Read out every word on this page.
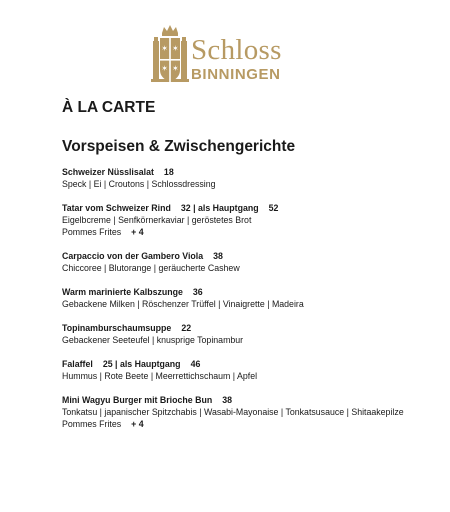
✶ ✶
✶ ✶
Schloss
BINNINGEN
À LA CARTE
Vorspeisen & Zwischengerichte
Schweizer Nüsslisalat 18
Speck | Ei | Croutons | Schlossdressing
Tatar vom Schweizer Rind 32 | als Hauptgang 52
Eigelbcreme | Senfkörnerkaviar | geröstetes Brot
Pommes Frites + 4
Carpaccio von der Gambero Viola 38
Chiccoree | Blutorange | geräucherte Cashew
Warm marinierte Kalbszunge 36
Gebackene Milken | Röschenzer Trüffel | Vinaigrette | Madeira
Topinamburschaumsuppe 22
Gebackener Seeteufel | knusprige Topinambur
Falaffel 25 | als Hauptgang 46
Hummus | Rote Beete | Meerrettichschaum | Apfel
Mini Wagyu Burger mit Brioche Bun 38
Tonkatsu | japanischer Spitzchabis | Wasabi-Mayonaise | Tonkatsusauce | Shitaakepilze
Pommes Frites + 4
